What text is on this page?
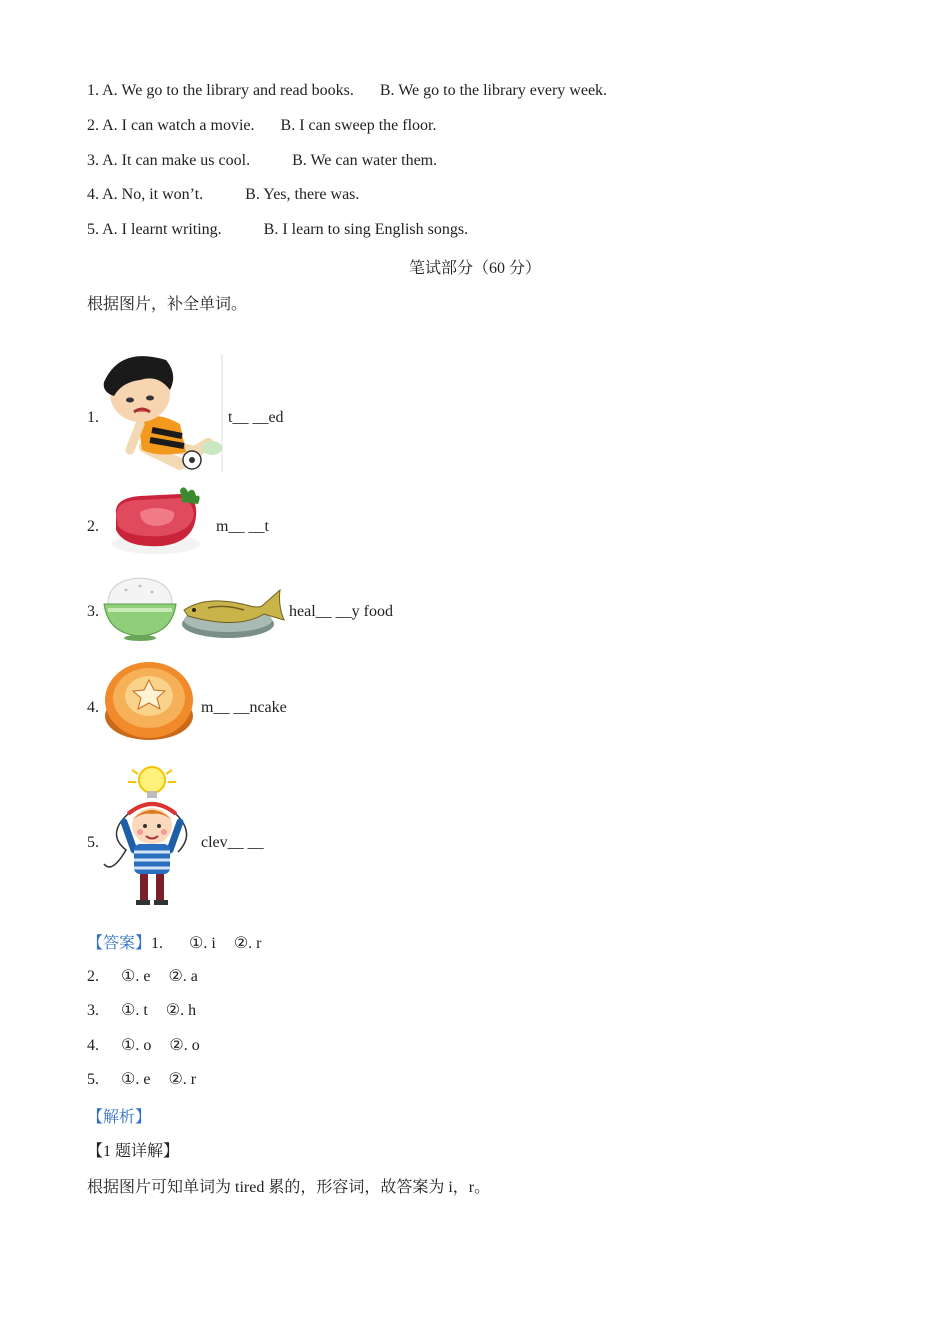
1. A. We go to the library and read books. B. We go to the library every week.
2. A. I can watch a movie. B. I can sweep the floor.
3. A. It can make us cool.	B. We can water them.
4. A. No, it won’t.	B. Yes, there was.
5. A. I learnt writing.	B. I learn to sing English songs.
笔试部分（60 分）
根据图片，补全单词。
1.	t__ __ed
2.	m__ __t
3.	heal__ __y food
4.	m__ __ncake
5.	clev__ __
【答案】1. ①. i ②. r
2. ①. e ②. a
3. ①. t ②. h
4. ①. o ②. o
5. ①. e ②. r
【解析】
【1 题详解】
根据图片可知单词为 tired 累的，形容词，故答案为 i，r。
